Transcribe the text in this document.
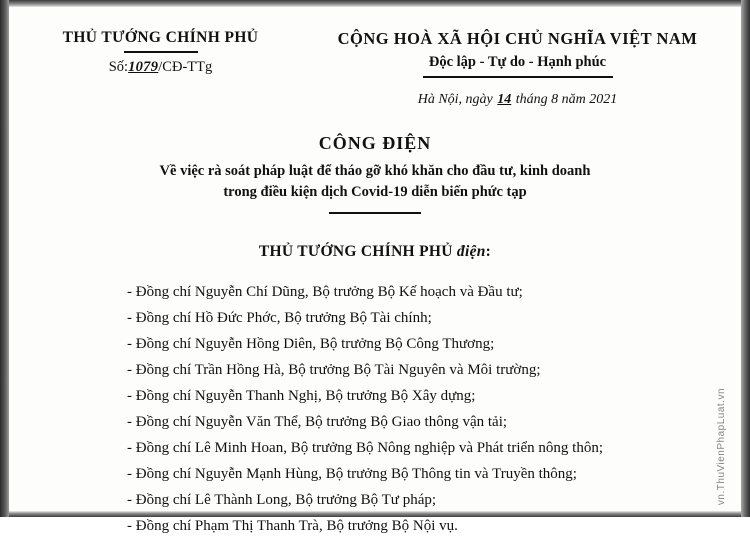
THỦ TƯỚNG CHÍNH PHỦ
Số:1079/CĐ-TTg
CỘNG HOÀ XÃ HỘI CHỦ NGHĨA VIỆT NAM
Độc lập - Tự do - Hạnh phúc
Hà Nội, ngày 14 tháng 8 năm 2021
CÔNG ĐIỆN
Về việc rà soát pháp luật để tháo gỡ khó khăn cho đầu tư, kinh doanh
trong điều kiện dịch Covid-19 diễn biến phức tạp
THỦ TƯỚNG CHÍNH PHỦ điện:
- Đồng chí Nguyễn Chí Dũng, Bộ trưởng Bộ Kế hoạch và Đầu tư;
- Đồng chí Hồ Đức Phớc, Bộ trưởng Bộ Tài chính;
- Đồng chí Nguyễn Hồng Diên, Bộ trưởng Bộ Công Thương;
- Đồng chí Trần Hồng Hà, Bộ trưởng Bộ Tài Nguyên và Môi trường;
- Đồng chí Nguyễn Thanh Nghị, Bộ trưởng Bộ Xây dựng;
- Đồng chí Nguyễn Văn Thể, Bộ trưởng Bộ Giao thông vận tải;
- Đồng chí Lê Minh Hoan, Bộ trưởng Bộ Nông nghiệp và Phát triển nông thôn;
- Đồng chí Nguyễn Mạnh Hùng, Bộ trưởng Bộ Thông tin và Truyền thông;
- Đồng chí Lê Thành Long, Bộ trưởng Bộ Tư pháp;
- Đồng chí Phạm Thị Thanh Trà, Bộ trưởng Bộ Nội vụ.
vn.ThuVienPhapLuat.vn
